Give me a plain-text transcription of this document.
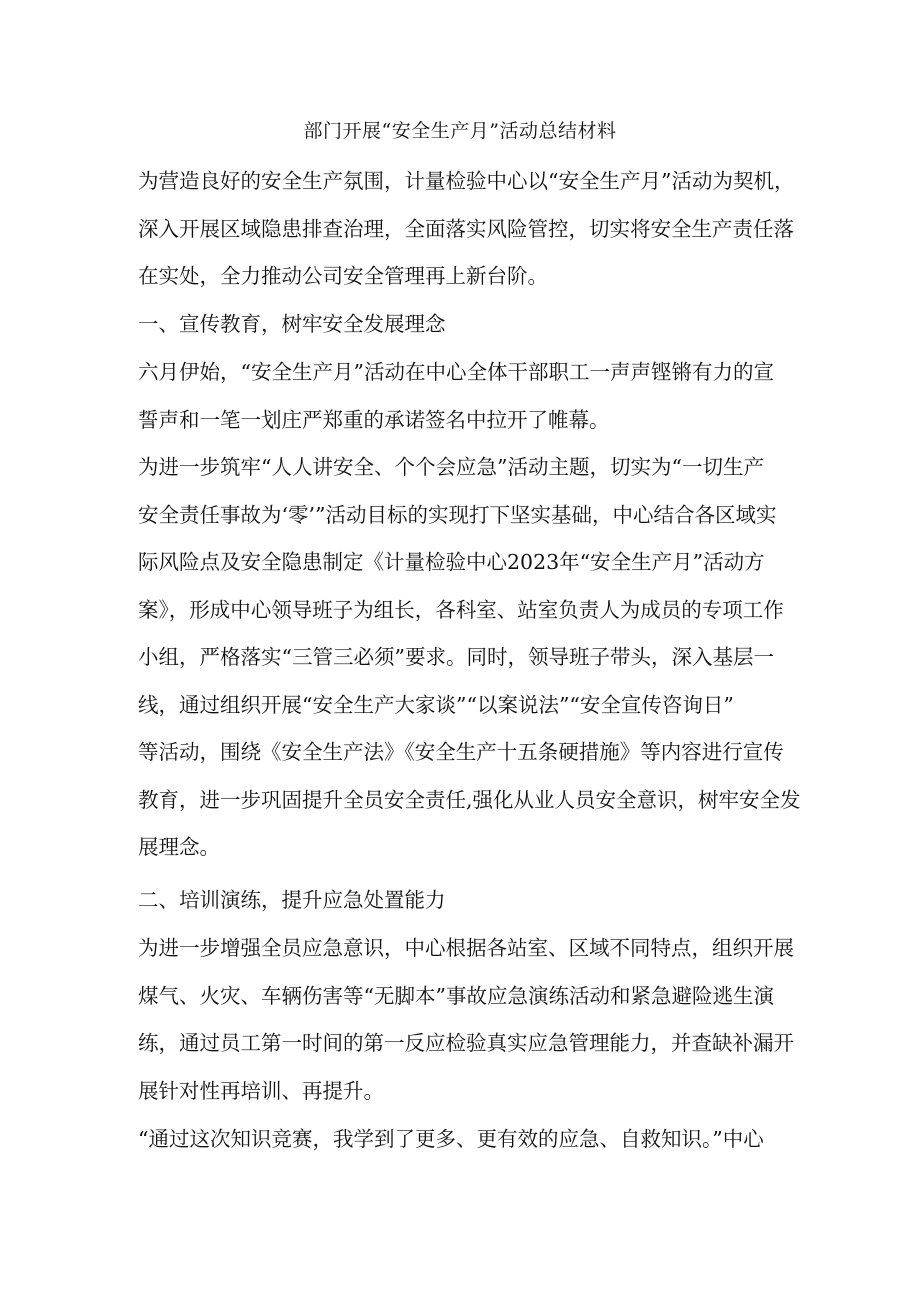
部门开展“安全生产月”活动总结材料
为营造良好的安全生产氛围，计量检验中心以“安全生产月”活动为契机，
深入开展区域隐患排查治理，全面落实风险管控，切实将安全生产责任落
在实处，全力推动公司安全管理再上新台阶。
一、宣传教育，树牢安全发展理念
六月伊始，“安全生产月”活动在中心全体干部职工一声声铿锵有力的宣
誓声和一笔一划庄严郑重的承诺签名中拉开了帷幕。
为进一步筑牢“人人讲安全、个个会应急”活动主题，切实为“一切生产
安全责任事故为‘零’”活动目标的实现打下坚实基础，中心结合各区域实
际风险点及安全隐患制定《计量检验中心2023年“安全生产月”活动方
案》，形成中心领导班子为组长，各科室、站室负责人为成员的专项工作
小组，严格落实“三管三必须”要求。同时，领导班子带头，深入基层一
线，通过组织开展“安全生产大家谈”“以案说法”“安全宣传咨询日”
等活动，围绕《安全生产法》《安全生产十五条硬措施》等内容进行宣传
教育，进一步巩固提升全员安全责任,强化从业人员安全意识，树牢安全发
展理念。
二、培训演练，提升应急处置能力
为进一步增强全员应急意识，中心根据各站室、区域不同特点，组织开展
煤气、火灾、车辆伤害等“无脚本”事故应急演练活动和紧急避险逃生演
练，通过员工第一时间的第一反应检验真实应急管理能力，并查缺补漏开
展针对性再培训、再提升。
“通过这次知识竞赛，我学到了更多、更有效的应急、自救知识。”中心
